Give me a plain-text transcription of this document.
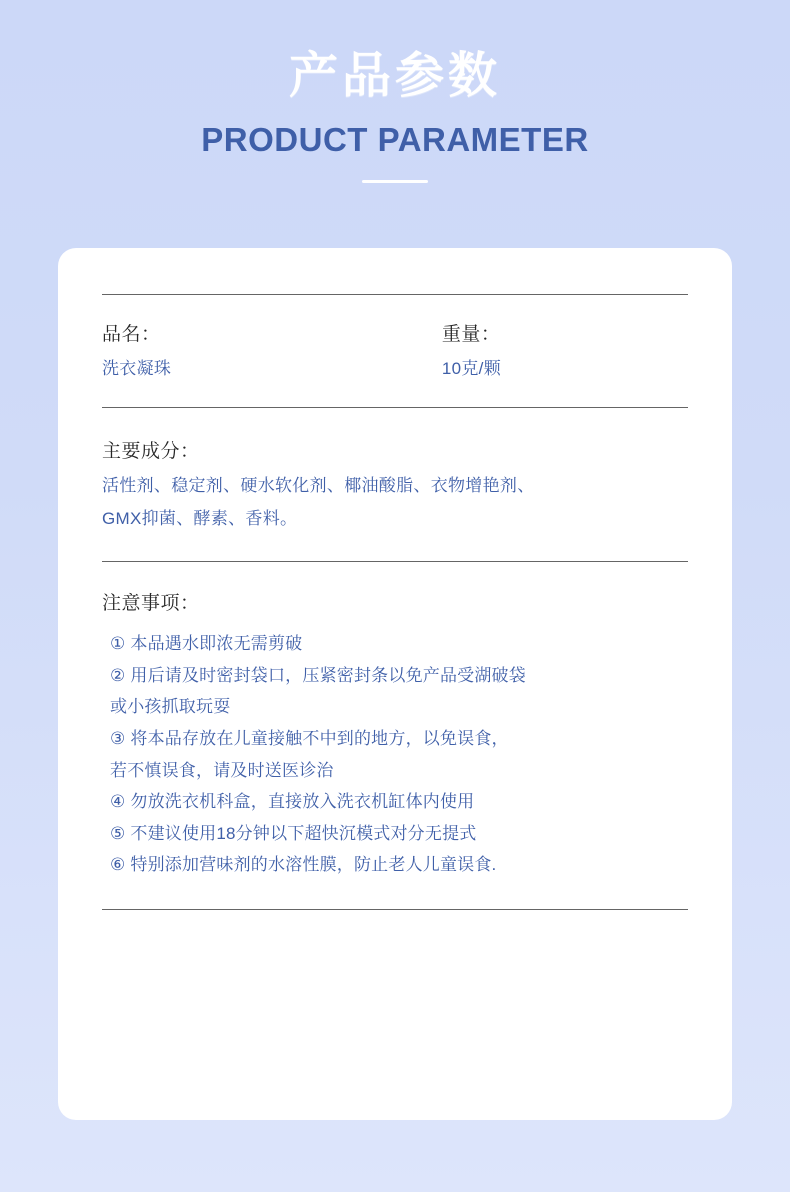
产品参数
PRODUCT PARAMETER
品名：
洗衣凝珠
重量：
10克/颗
主要成分：
活性剂、稳定剂、硬水软化剂、椰油酸脂、衣物增艳剂、
GMX抑菌、酵素、香料。
注意事项：
① 本品遇水即浓无需剪破
② 用后请及时密封袋口，压紧密封条以免产品受湖破袋
或小孩抓取玩耍
③ 将本品存放在儿童接触不中到的地方，以免误食，
若不慎误食，请及时送医诊治
④ 勿放洗衣机科盒，直接放入洗衣机缸体内使用
⑤ 不建议使用18分钟以下超快沉模式对分无提式
⑥ 特别添加营味剂的水溶性膜，防止老人儿童误食.
